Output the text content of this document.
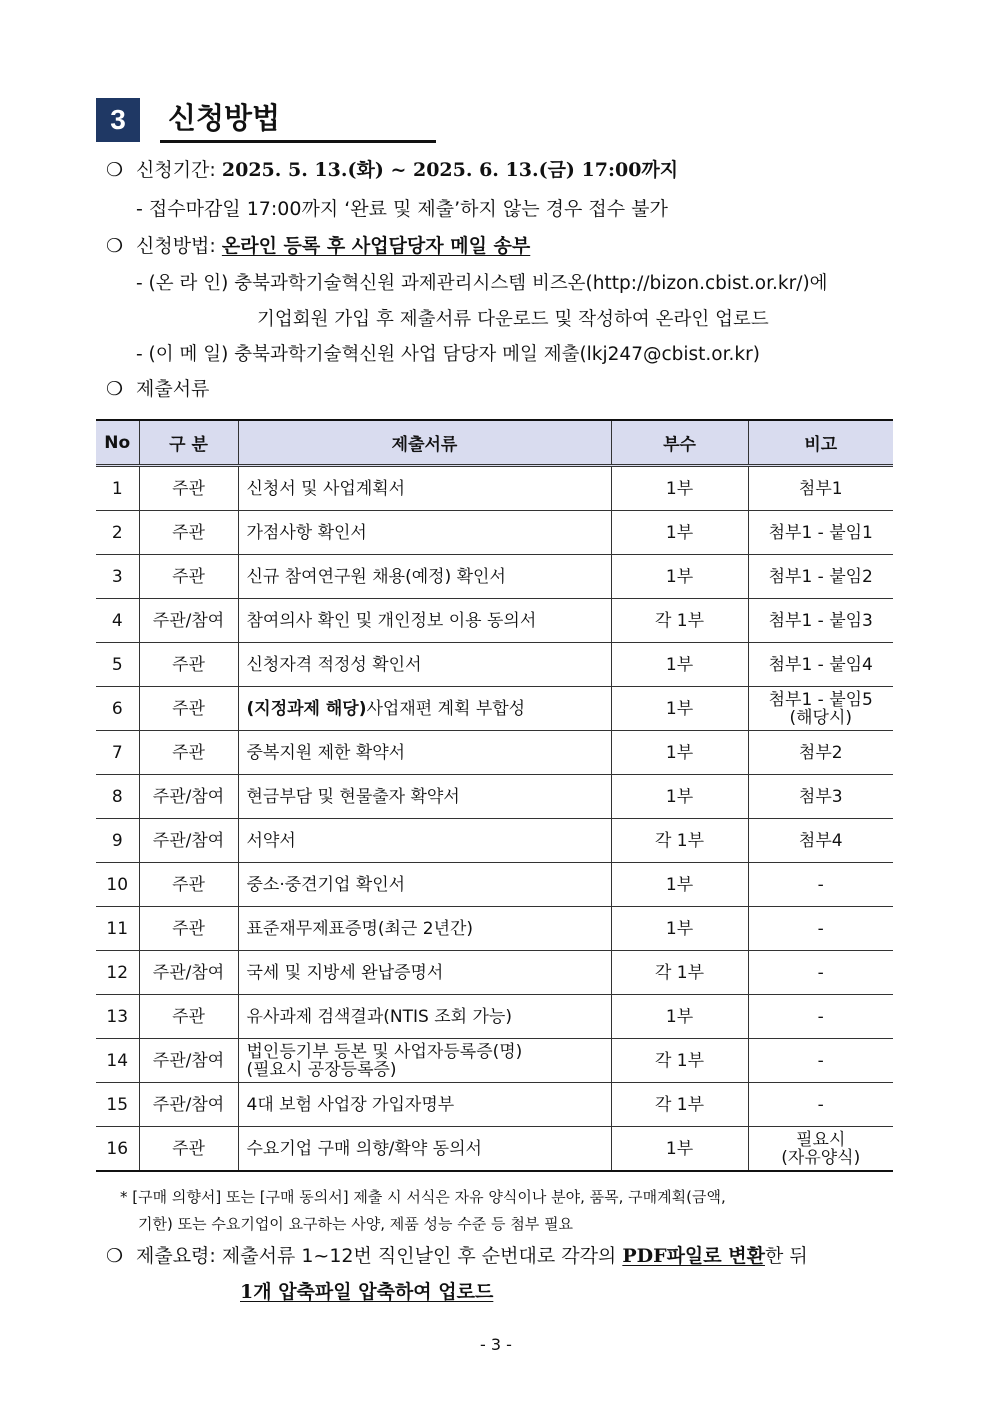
3	신청방법
❍ 신청기간: 2025. 5. 13.(화) ~ 2025. 6. 13.(금) 17:00까지
- 접수마감일 17:00까지 ‘완료 및 제출’하지 않는 경우 접수 불가
❍ 신청방법: 온라인 등록 후 사업담당자 메일 송부
- (온 라 인) 충북과학기술혁신원 과제관리시스템 비즈온(http://bizon.cbist.or.kr/)에
기업회원 가입 후 제출서류 다운로드 및 작성하여 온라인 업로드
- (이 메 일) 충북과학기술혁신원 사업 담당자 메일 제출(lkj247@cbist.or.kr)
❍ 제출서류
No	구 분	제출서류	부수	비고
1	주관	신청서 및 사업계획서	1부	첨부1
2	주관	가점사항 확인서	1부	첨부1 - 붙임1
3	주관	신규 참여연구원 채용(예정) 확인서	1부	첨부1 - 붙임2
4	주관/참여	참여의사 확인 및 개인정보 이용 동의서	각 1부	첨부1 - 붙임3
5	주관	신청자격 적정성 확인서	1부	첨부1 - 붙임4
6	주관	(지정과제 해당)사업재편 계획 부합성	1부	첨부1 - 붙임5
(해당시)
7	주관	중복지원 제한 확약서	1부	첨부2
8	주관/참여	현금부담 및 현물출자 확약서	1부	첨부3
9	주관/참여	서약서	각 1부	첨부4
10	주관	중소·중견기업 확인서	1부	-
11	주관	표준재무제표증명(최근 2년간)	1부	-
12	주관/참여	국세 및 지방세 완납증명서	각 1부	-
13	주관	유사과제 검색결과(NTIS 조회 가능)	1부	-
14	주관/참여	법인등기부 등본 및 사업자등록증(명)
(필요시 공장등록증)	각 1부	-
15	주관/참여	4대 보험 사업장 가입자명부	각 1부	-
16	주관	수요기업 구매 의향/확약 동의서	1부	필요시
(자유양식)
* [구매 의향서] 또는 [구매 동의서] 제출 시 서식은 자유 양식이나 분야, 품목, 구매계획(금액,
기한) 또는 수요기업이 요구하는 사양, 제품 성능 수준 등 첨부 필요
❍ 제출요령: 제출서류 1~12번 직인날인 후 순번대로 각각의 PDF파일로 변환한 뒤
1개 압축파일 압축하여 업로드
- 3 -
